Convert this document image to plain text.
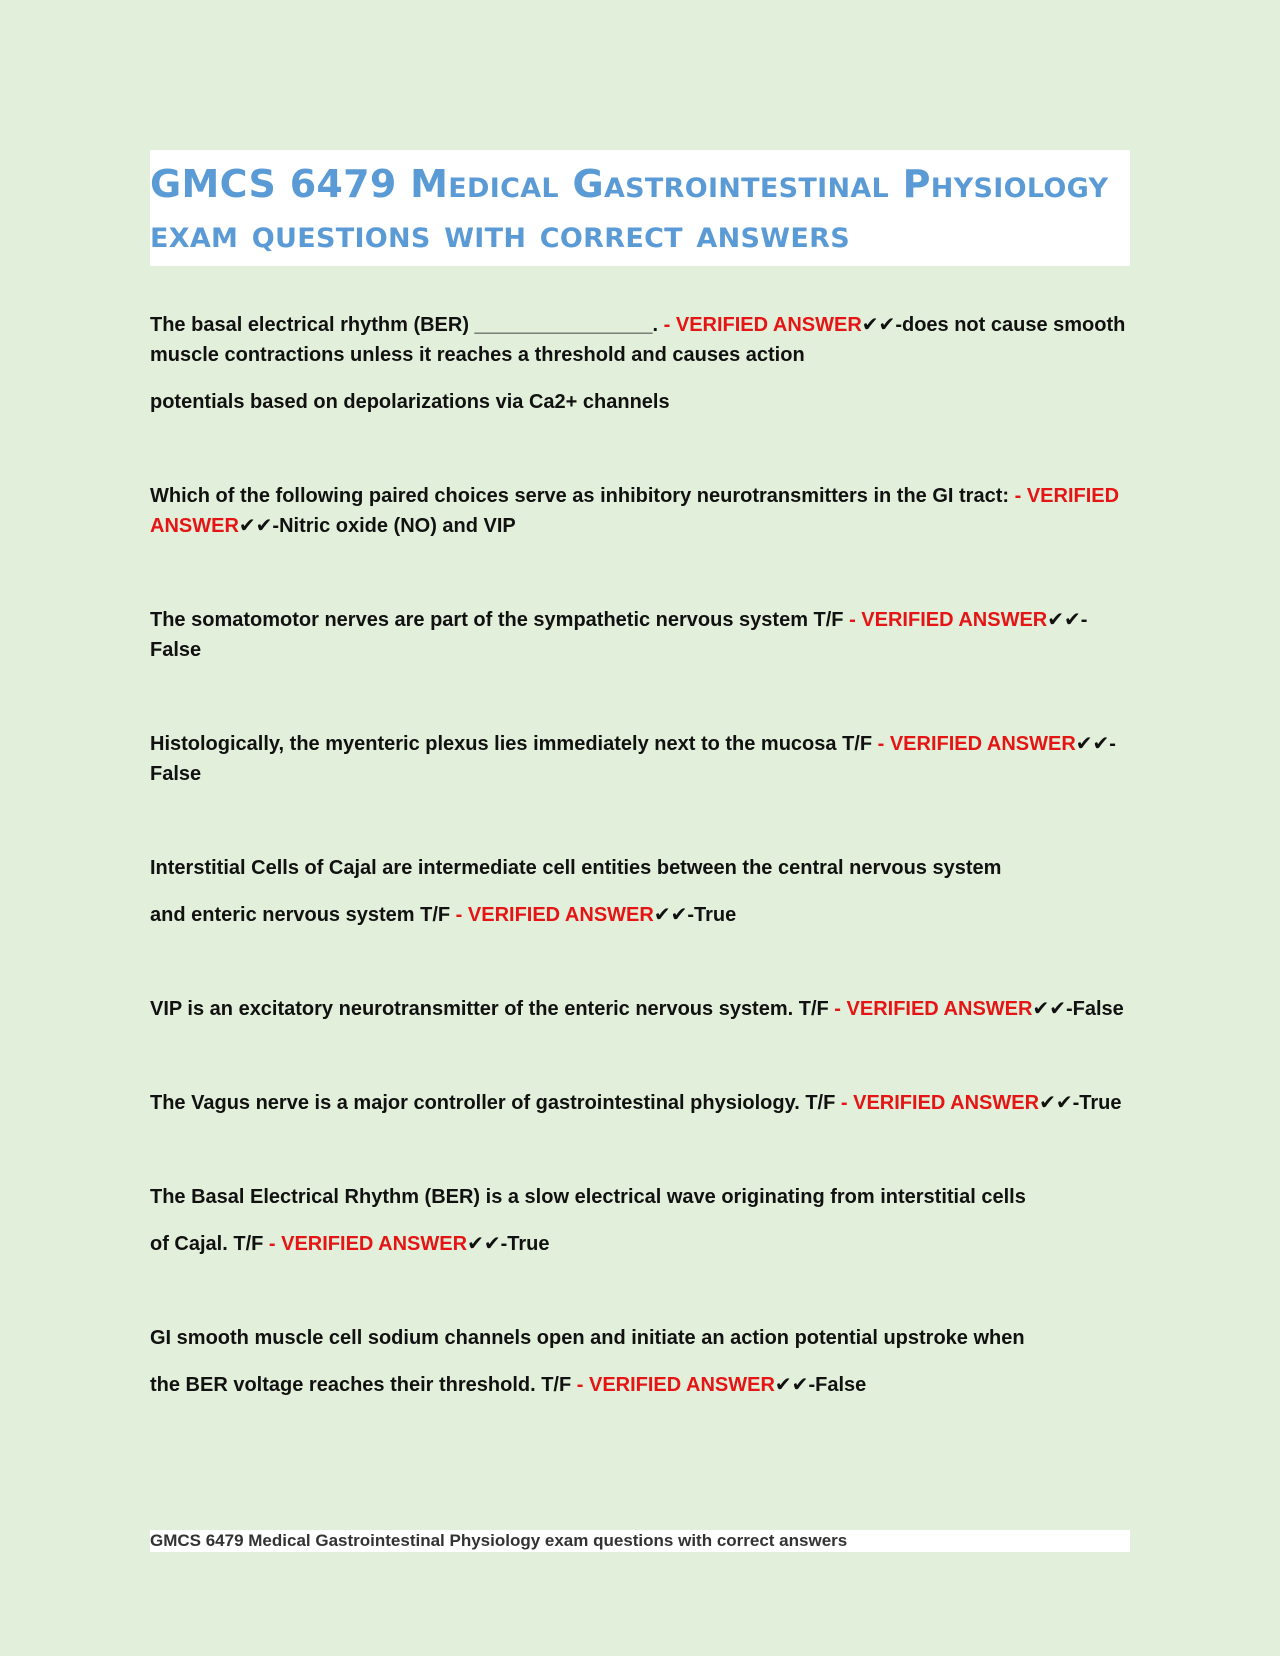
GMCS 6479 Medical Gastrointestinal Physiology
exam questions with correct answers

The basal electrical rhythm (BER) ________________. - VERIFIED ANSWER✔✔-does not cause smooth muscle contractions unless it reaches a threshold and causes action

potentials based on depolarizations via Ca2+ channels

Which of the following paired choices serve as inhibitory neurotransmitters in the GI tract: - VERIFIED ANSWER✔✔-Nitric oxide (NO) and VIP

The somatomotor nerves are part of the sympathetic nervous system T/F - VERIFIED ANSWER✔✔-False

Histologically, the myenteric plexus lies immediately next to the mucosa T/F - VERIFIED ANSWER✔✔-False

Interstitial Cells of Cajal are intermediate cell entities between the central nervous system

and enteric nervous system T/F - VERIFIED ANSWER✔✔-True

VIP is an excitatory neurotransmitter of the enteric nervous system. T/F - VERIFIED ANSWER✔✔-False

The Vagus nerve is a major controller of gastrointestinal physiology. T/F - VERIFIED ANSWER✔✔-True

The Basal Electrical Rhythm (BER) is a slow electrical wave originating from interstitial cells

of Cajal. T/F - VERIFIED ANSWER✔✔-True

GI smooth muscle cell sodium channels open and initiate an action potential upstroke when

the BER voltage reaches their threshold. T/F - VERIFIED ANSWER✔✔-False

GMCS 6479 Medical Gastrointestinal Physiology exam questions with correct answers
